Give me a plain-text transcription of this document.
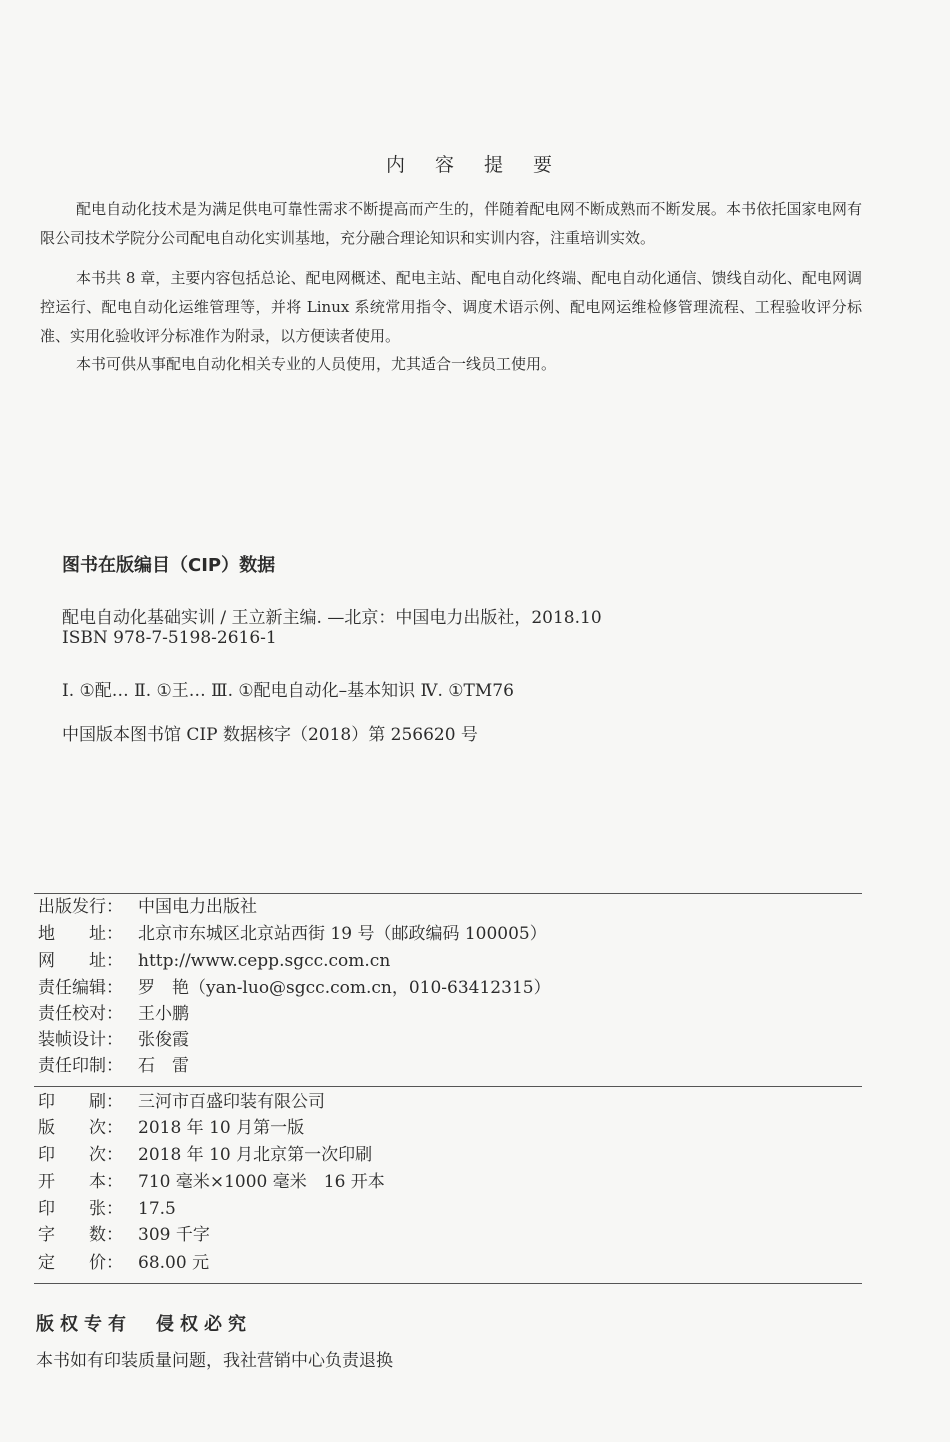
内 容 提 要

配电自动化技术是为满足供电可靠性需求不断提高而产生的，伴随着配电网不断成熟而不断发展。本书依托国家电网有限公司技术学院分公司配电自动化实训基地，充分融合理论知识和实训内容，注重培训实效。

本书共 8 章，主要内容包括总论、配电网概述、配电主站、配电自动化终端、配电自动化通信、馈线自动化、配电网调控运行、配电自动化运维管理等，并将 Linux 系统常用指令、调度术语示例、配电网运维检修管理流程、工程验收评分标准、实用化验收评分标准作为附录，以方便读者使用。

本书可供从事配电自动化相关专业的人员使用，尤其适合一线员工使用。

图书在版编目（CIP）数据
配电自动化基础实训 / 王立新主编. —北京：中国电力出版社，2018.10
ISBN 978-7-5198-2616-1
Ⅰ. ①配… Ⅱ. ①王… Ⅲ. ①配电自动化–基本知识 Ⅳ. ①TM76
中国版本图书馆 CIP 数据核字（2018）第 256620 号
出版发行： 中国电力出版社
地　　址： 北京市东城区北京站西街 19 号（邮政编码 100005）
网　　址： http://www.cepp.sgcc.com.cn
责任编辑： 罗　艳（yan-luo@sgcc.com.cn，010-63412315）
责任校对： 王小鹏
装帧设计： 张俊霞
责任印制： 石　雷
印　　刷： 三河市百盛印装有限公司
版　　次： 2018 年 10 月第一版
印　　次： 2018 年 10 月北京第一次印刷
开　　本： 710 毫米×1000 毫米　16 开本
印　　张： 17.5
字　　数： 309 千字
定　　价： 68.00 元
版权专有　侵权必究
本书如有印装质量问题，我社营销中心负责退换
